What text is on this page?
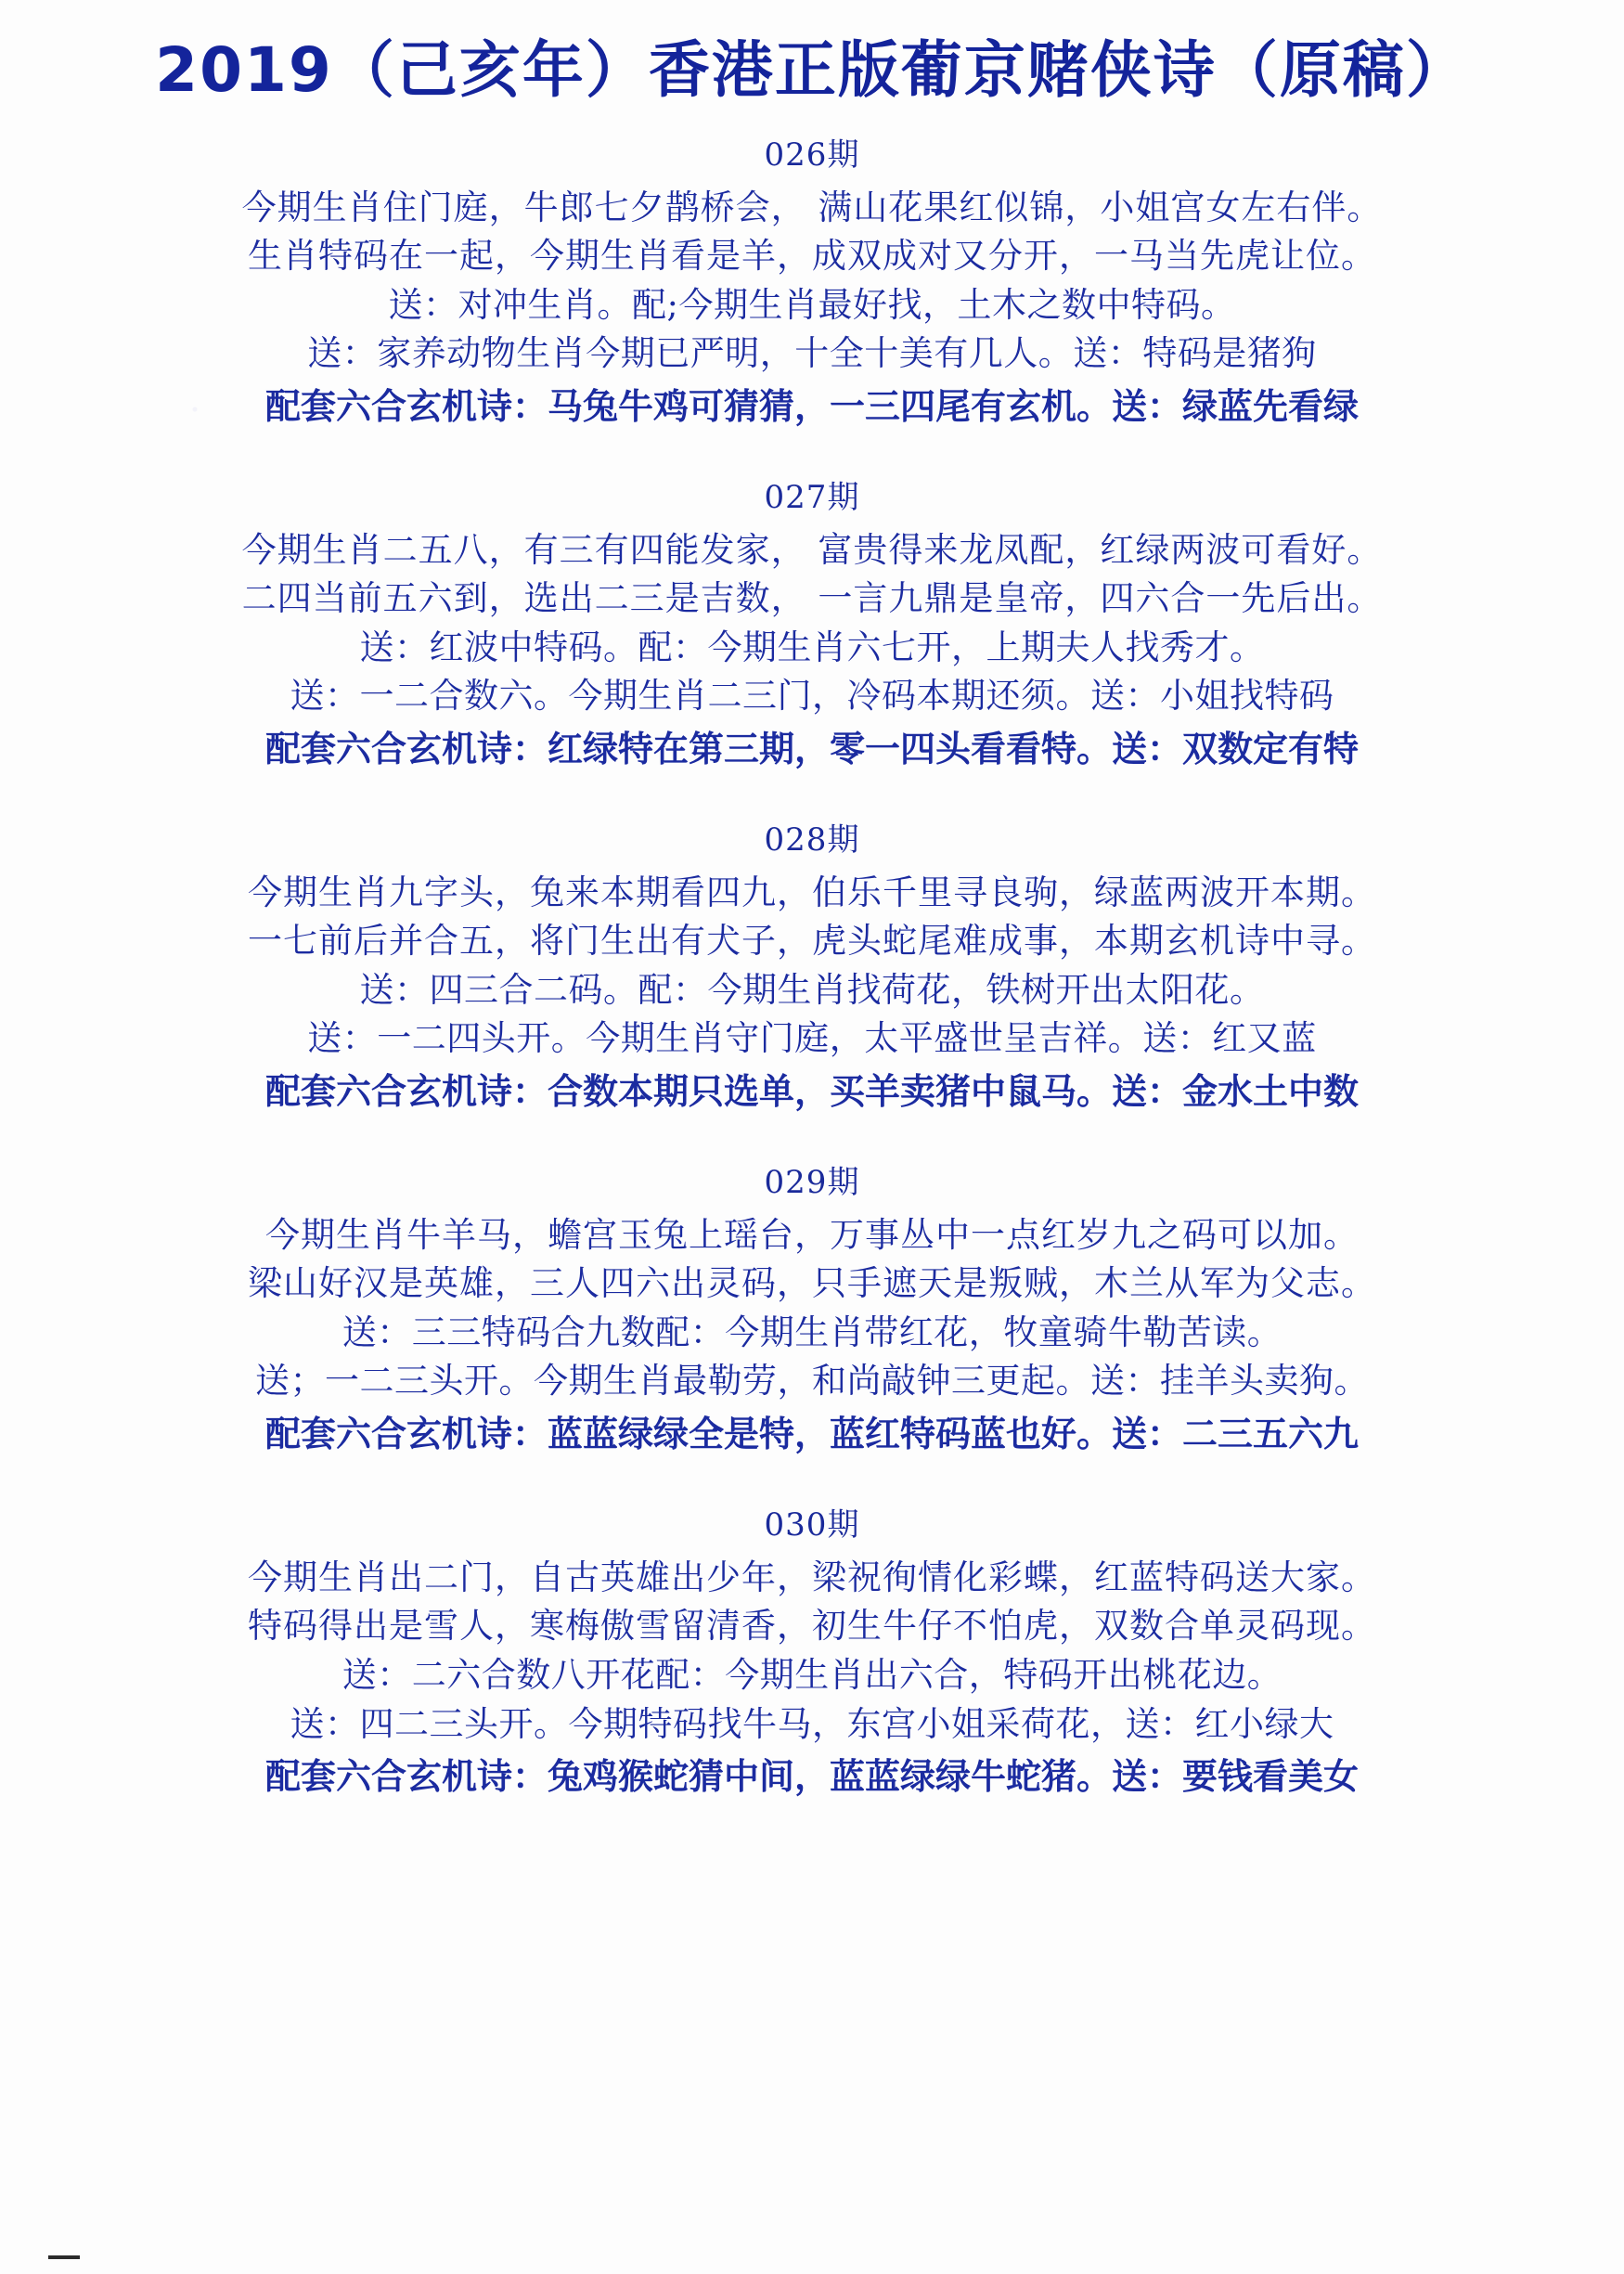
2019（己亥年）香港正版葡京赌侠诗（原稿）
026期
今期生肖住门庭，牛郎七夕鹊桥会， 满山花果红似锦，小姐宫女左右伴。
生肖特码在一起，今期生肖看是羊，成双成对又分开，一马当先虎让位。
送：对冲生肖。配;今期生肖最好找，土木之数中特码。
送：家养动物生肖今期已严明，十全十美有几人。送：特码是猪狗
配套六合玄机诗：马兔牛鸡可猜猜，一三四尾有玄机。送：绿蓝先看绿
027期
今期生肖二五八，有三有四能发家， 富贵得来龙凤配，红绿两波可看好。
二四当前五六到，选出二三是吉数， 一言九鼎是皇帝，四六合一先后出。
送：红波中特码。配：今期生肖六七开，上期夫人找秀才。
送：一二合数六。今期生肖二三门，冷码本期还须。送：小姐找特码
配套六合玄机诗：红绿特在第三期，零一四头看看特。送：双数定有特
028期
今期生肖九字头，兔来本期看四九，伯乐千里寻良驹，绿蓝两波开本期。
一七前后并合五，将门生出有犬子，虎头蛇尾难成事，本期玄机诗中寻。
送：四三合二码。配：今期生肖找荷花，铁树开出太阳花。
送：一二四头开。今期生肖守门庭，太平盛世呈吉祥。送：红又蓝
配套六合玄机诗：合数本期只选单，买羊卖猪中鼠马。送：金水土中数
029期
今期生肖牛羊马，蟾宫玉兔上瑶台，万事丛中一点红岁九之码可以加。
梁山好汉是英雄，三人四六出灵码，只手遮天是叛贼，木兰从军为父志。
送：三三特码合九数配：今期生肖带红花，牧童骑牛勒苦读。
送；一二三头开。今期生肖最勒劳，和尚敲钟三更起。送：挂羊头卖狗。
配套六合玄机诗：蓝蓝绿绿全是特，蓝红特码蓝也好。送：二三五六九
030期
今期生肖出二门，自古英雄出少年，梁祝徇情化彩蝶，红蓝特码送大家。
特码得出是雪人，寒梅傲雪留清香，初生牛仔不怕虎，双数合单灵码现。
送：二六合数八开花配：今期生肖出六合，特码开出桃花边。
送：四二三头开。今期特码找牛马，东宫小姐采荷花，送：红小绿大
配套六合玄机诗：兔鸡猴蛇猜中间，蓝蓝绿绿牛蛇猪。送：要钱看美女
